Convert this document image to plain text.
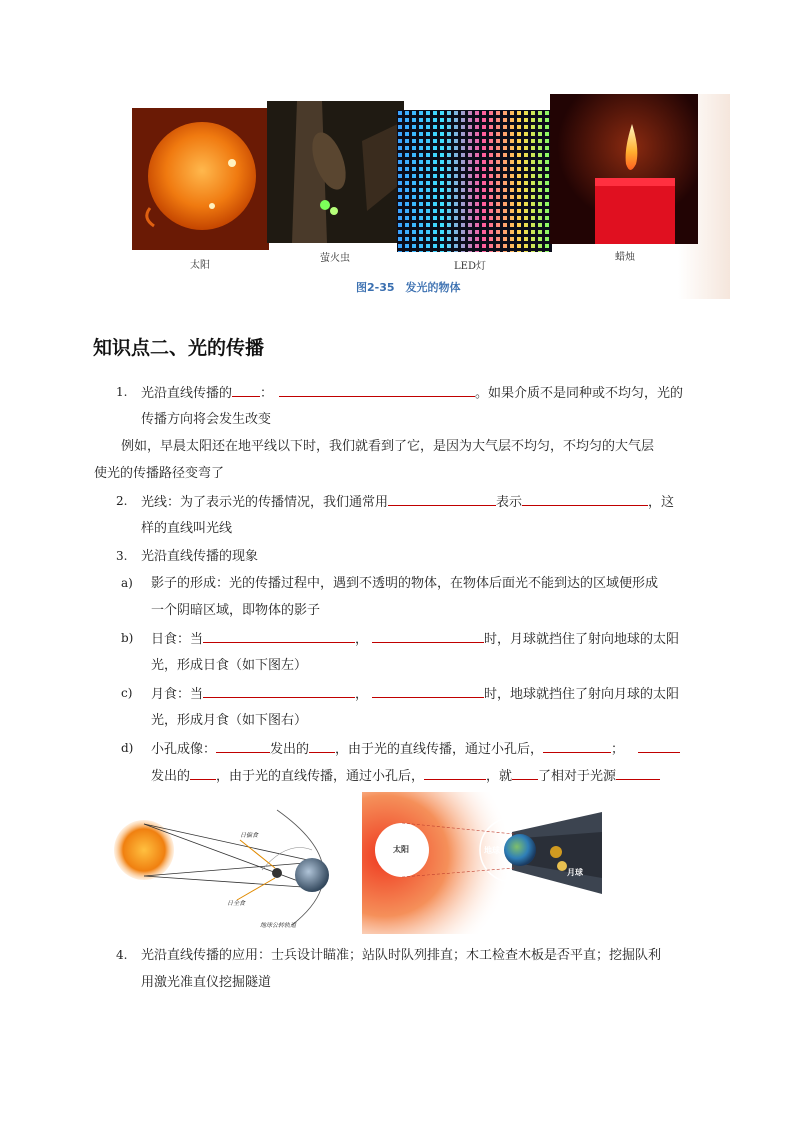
太阳
萤火虫
LED灯
蜡烛
图2-35　发光的物体
知识点二、光的传播
1. 光沿直线传播的 ：	。如果介质不是同种或不均匀，光的
传播方向将会发生改变
例如，早晨太阳还在地平线以下时，我们就看到了它，是因为大气层不均匀，不均匀的大气层
使光的传播路径变弯了
2. 光线：为了表示光的传播情况，我们通常用	表示	，这
样的直线叫光线
3. 光沿直线传播的现象
a) 影子的形成：光的传播过程中，遇到不透明的物体，在物体后面光不能到达的区域便形成
一个阴暗区域，即物体的影子
b) 日食：当	，	时，月球就挡住了射向地球的太阳
光，形成日食（如下图左）
c) 月食：当	，	时，地球就挡住了射向月球的太阳
光，形成月食（如下图右）
d) 小孔成像：	发出的 ，由于光的直线传播，通过小孔后，	；
发出的 ，由于光的直线传播，通过小孔后，	，就 了相对于光源
日偏食
日全食
地球公转轨道
太阳	地球
月球
4. 光沿直线传播的应用：士兵设计瞄准；站队时队列排直；木工检查木板是否平直；挖掘队利
用激光准直仪挖掘隧道
